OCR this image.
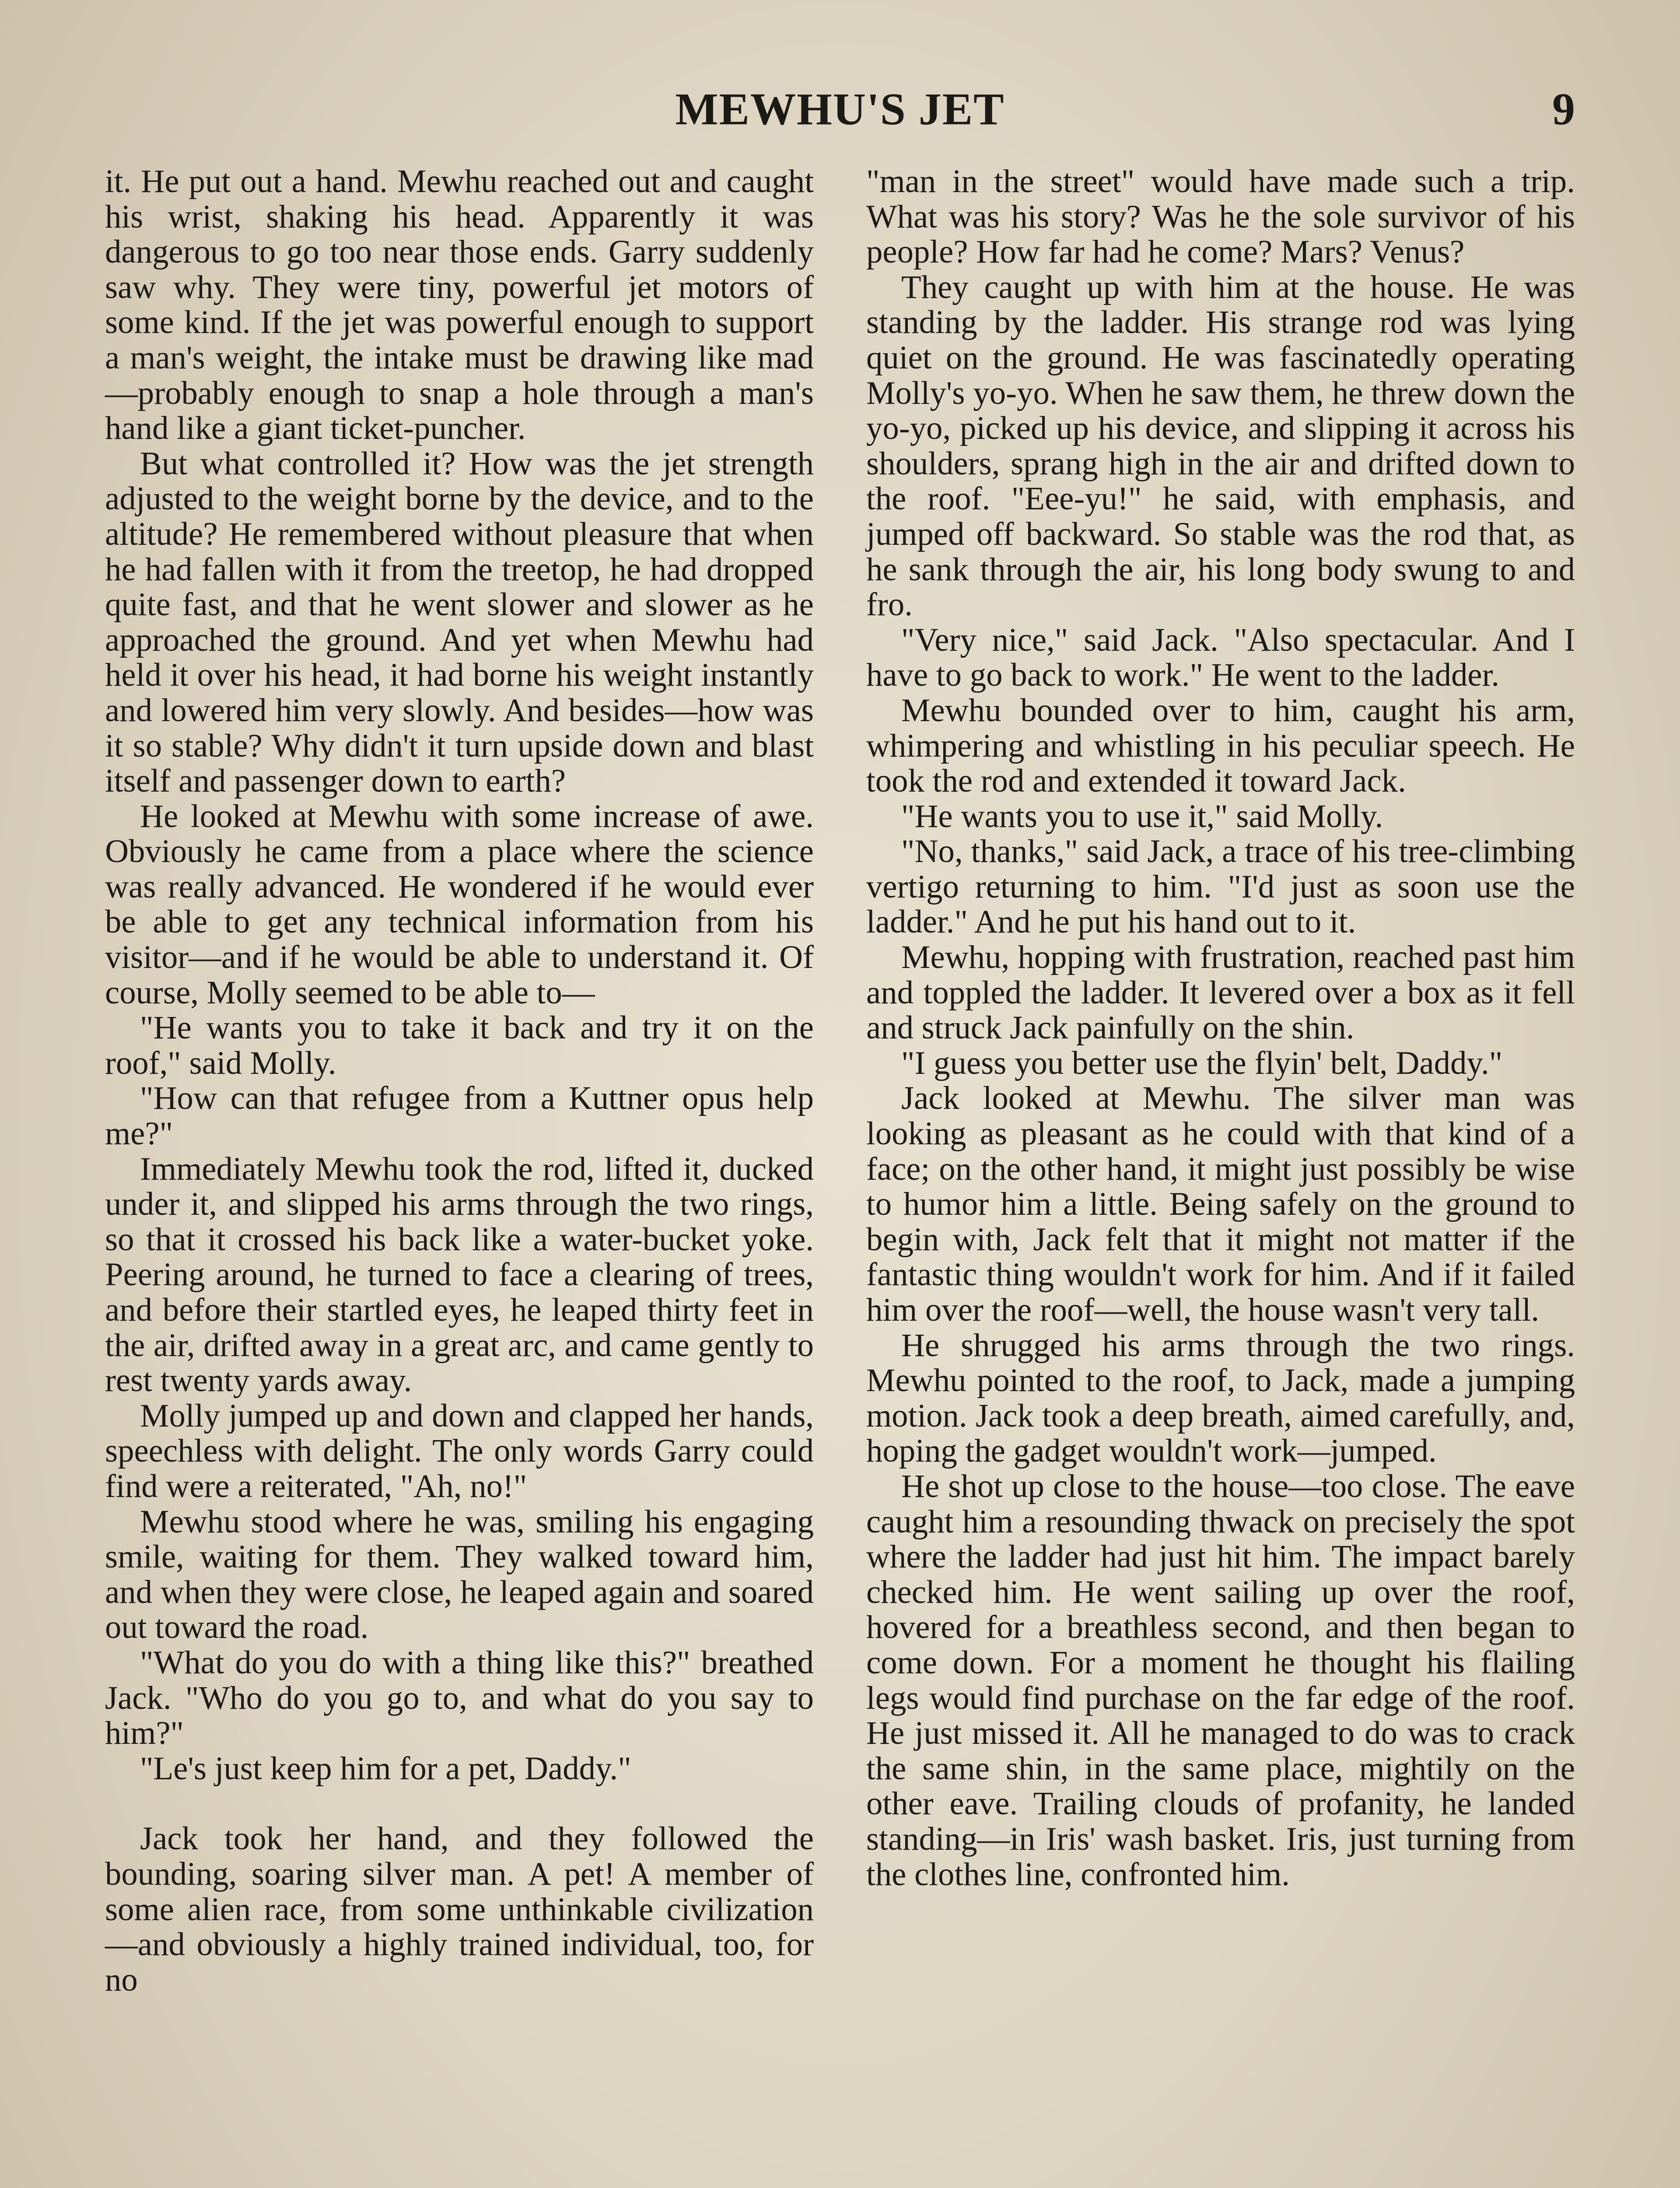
MEWHU'S JET	9

it. He put out a hand. Mewhu reached out and caught his wrist, shaking his head. Apparently it was dangerous to go too near those ends. Garry suddenly saw why. They were tiny, powerful jet motors of some kind. If the jet was powerful enough to support a man's weight, the intake must be drawing like mad—probably enough to snap a hole through a man's hand like a giant ticket-puncher.

But what controlled it? How was the jet strength adjusted to the weight borne by the device, and to the altitude? He remembered without pleasure that when he had fallen with it from the treetop, he had dropped quite fast, and that he went slower and slower as he approached the ground. And yet when Mewhu had held it over his head, it had borne his weight instantly and lowered him very slowly. And besides—how was it so stable? Why didn't it turn upside down and blast itself and passenger down to earth?

He looked at Mewhu with some increase of awe. Obviously he came from a place where the science was really advanced. He wondered if he would ever be able to get any technical information from his visitor—and if he would be able to understand it. Of course, Molly seemed to be able to—

"He wants you to take it back and try it on the roof," said Molly.

"How can that refugee from a Kuttner opus help me?"

Immediately Mewhu took the rod, lifted it, ducked under it, and slipped his arms through the two rings, so that it crossed his back like a water-bucket yoke. Peering around, he turned to face a clearing of trees, and before their startled eyes, he leaped thirty feet in the air, drifted away in a great arc, and came gently to rest twenty yards away.

Molly jumped up and down and clapped her hands, speechless with delight. The only words Garry could find were a reiterated, "Ah, no!"

Mewhu stood where he was, smiling his engaging smile, waiting for them. They walked toward him, and when they were close, he leaped again and soared out toward the road.

"What do you do with a thing like this?" breathed Jack. "Who do you go to, and what do you say to him?"

"Le's just keep him for a pet, Daddy."

Jack took her hand, and they followed the bounding, soaring silver man. A pet! A member of some alien race, from some unthinkable civilization—and obviously a highly trained individual, too, for no

"man in the street" would have made such a trip. What was his story? Was he the sole survivor of his people? How far had he come? Mars? Venus?

They caught up with him at the house. He was standing by the ladder. His strange rod was lying quiet on the ground. He was fascinatedly operating Molly's yo-yo. When he saw them, he threw down the yo-yo, picked up his device, and slipping it across his shoulders, sprang high in the air and drifted down to the roof. "Eee-yu!" he said, with emphasis, and jumped off backward. So stable was the rod that, as he sank through the air, his long body swung to and fro.

"Very nice," said Jack. "Also spectacular. And I have to go back to work." He went to the ladder.

Mewhu bounded over to him, caught his arm, whimpering and whistling in his peculiar speech. He took the rod and extended it toward Jack.

"He wants you to use it," said Molly.

"No, thanks," said Jack, a trace of his tree-climbing vertigo returning to him. "I'd just as soon use the ladder." And he put his hand out to it.

Mewhu, hopping with frustration, reached past him and toppled the ladder. It levered over a box as it fell and struck Jack painfully on the shin.

"I guess you better use the flyin' belt, Daddy."

Jack looked at Mewhu. The silver man was looking as pleasant as he could with that kind of a face; on the other hand, it might just possibly be wise to humor him a little. Being safely on the ground to begin with, Jack felt that it might not matter if the fantastic thing wouldn't work for him. And if it failed him over the roof—well, the house wasn't very tall.

He shrugged his arms through the two rings. Mewhu pointed to the roof, to Jack, made a jumping motion. Jack took a deep breath, aimed carefully, and, hoping the gadget wouldn't work—jumped.

He shot up close to the house—too close. The eave caught him a resounding thwack on precisely the spot where the ladder had just hit him. The impact barely checked him. He went sailing up over the roof, hovered for a breathless second, and then began to come down. For a moment he thought his flailing legs would find purchase on the far edge of the roof. He just missed it. All he managed to do was to crack the same shin, in the same place, mightily on the other eave. Trailing clouds of profanity, he landed standing—in Iris' wash basket. Iris, just turning from the clothes line, confronted him.
